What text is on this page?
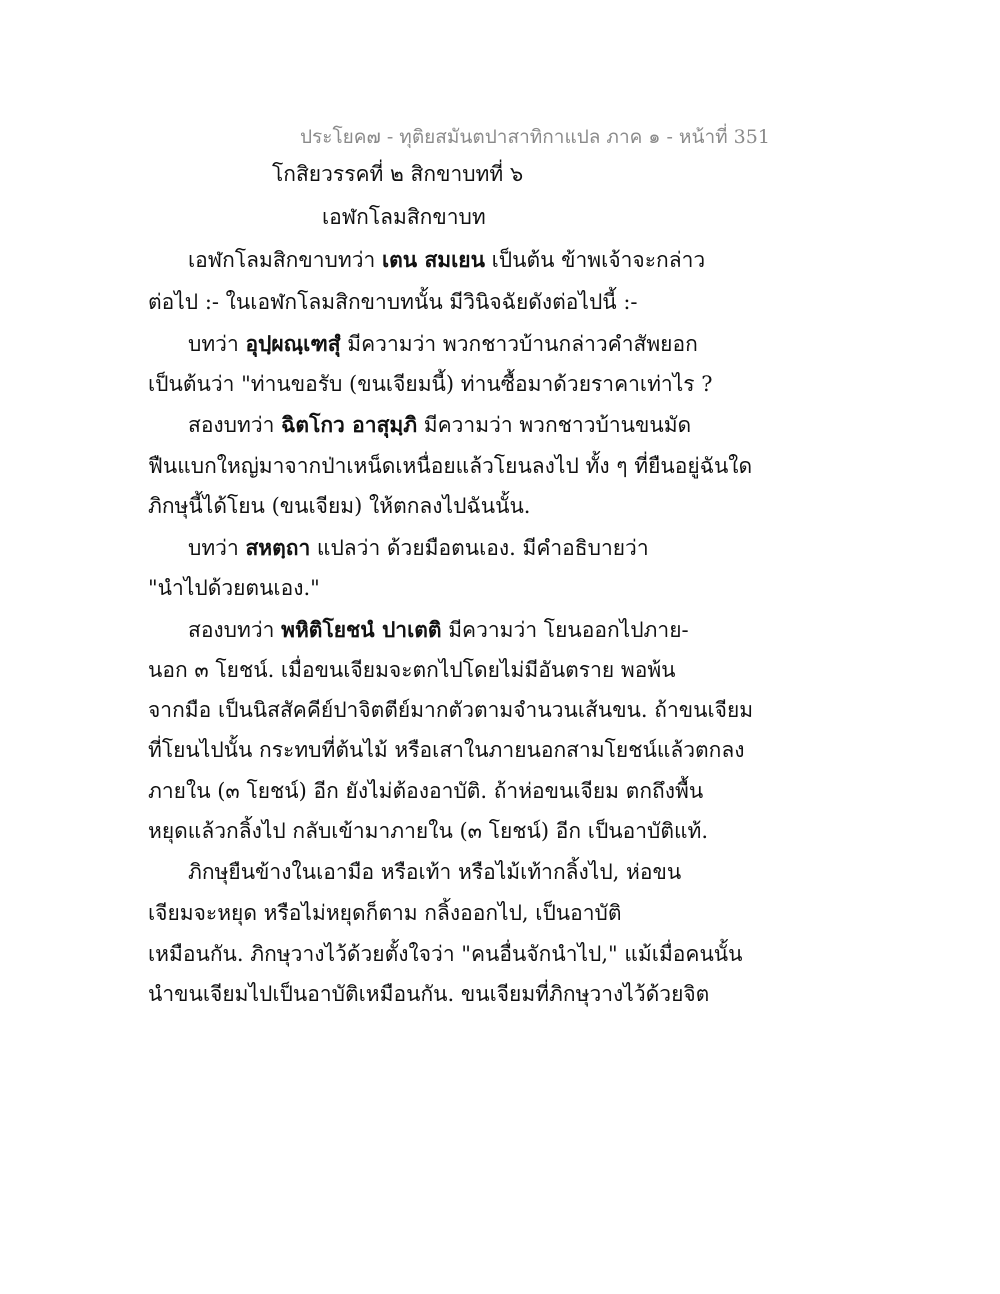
ประโยค๗ - ทุติยสมันตปาสาทิกาแปล ภาค ๑ - หน้าที่ 351
โกสิยวรรคที่ ๒ สิกขาบทที่ ๖
เอฬกโลมสิกขาบท
เอฬกโลมสิกขาบทว่า เตน สมเยน เป็นต้น ข้าพเจ้าจะกล่าว
ต่อไป :- ในเอฬกโลมสิกขาบทนั้น มีวินิจฉัยดังต่อไปนี้ :-
บทว่า อุปฺผณฺเฑสุํ มีความว่า พวกชาวบ้านกล่าวคำสัพยอก
เป็นต้นว่า "ท่านขอรับ (ขนเจียมนี้) ท่านซื้อมาด้วยราคาเท่าไร ?
สองบทว่า ฉิตโกว อาสุมฺภิ มีความว่า พวกชาวบ้านขนมัด
ฟืนแบกใหญ่มาจากป่าเหน็ดเหนื่อยแล้วโยนลงไป ทั้ง ๆ ที่ยืนอยู่ฉันใด
ภิกษุนี้ได้โยน (ขนเจียม) ให้ตกลงไปฉันนั้น.
บทว่า สหตฺถา แปลว่า ด้วยมือตนเอง. มีคำอธิบายว่า
"นำไปด้วยตนเอง."
สองบทว่า พหิติโยชนํ ปาเตติ มีความว่า โยนออกไปภาย-
นอก ๓ โยชน์. เมื่อขนเจียมจะตกไปโดยไม่มีอันตราย พอพ้น
จากมือ เป็นนิสสัคคีย์ปาจิตตีย์มากตัวตามจำนวนเส้นขน. ถ้าขนเจียม
ที่โยนไปนั้น กระทบที่ต้นไม้ หรือเสาในภายนอกสามโยชน์แล้วตกลง
ภายใน (๓ โยชน์) อีก ยังไม่ต้องอาบัติ. ถ้าห่อขนเจียม ตกถึงพื้น
หยุดแล้วกลิ้งไป กลับเข้ามาภายใน (๓ โยชน์) อีก เป็นอาบัติแท้.
ภิกษุยืนข้างในเอามือ หรือเท้า หรือไม้เท้ากลิ้งไป, ห่อขน
เจียมจะหยุด หรือไม่หยุดก็ตาม กลิ้งออกไป, เป็นอาบัติ
เหมือนกัน. ภิกษุวางไว้ด้วยตั้งใจว่า "คนอื่นจักนำไป," แม้เมื่อคนนั้น
นำขนเจียมไปเป็นอาบัติเหมือนกัน. ขนเจียมที่ภิกษุวางไว้ด้วยจิต
